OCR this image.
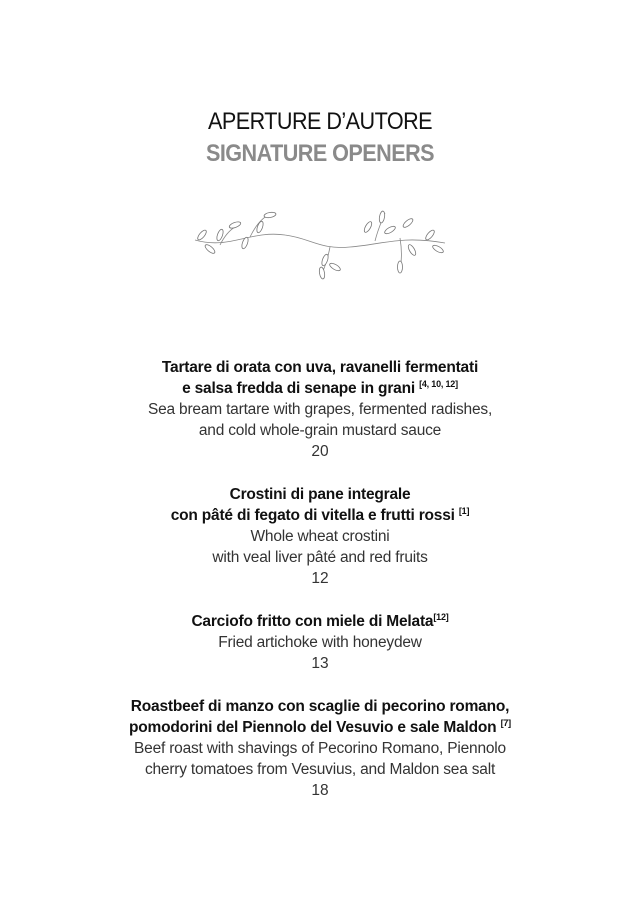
APERTURE D’AUTORE
SIGNATURE OPENERS
Tartare di orata con uva, ravanelli fermentati
e salsa fredda di senape in grani [4, 10, 12]
Sea bream tartare with grapes, fermented radishes,
and cold whole-grain mustard sauce
20
Crostini di pane integrale
con pâté di fegato di vitella e frutti rossi [1]
Whole wheat crostini
with veal liver pâté and red fruits
12
Carciofo fritto con miele di Melata[12]
Fried artichoke with honeydew
13
Roastbeef di manzo con scaglie di pecorino romano,
pomodorini del Piennolo del Vesuvio e sale Maldon [7]
Beef roast with shavings of Pecorino Romano, Piennolo
cherry tomatoes from Vesuvius, and Maldon sea salt
18
